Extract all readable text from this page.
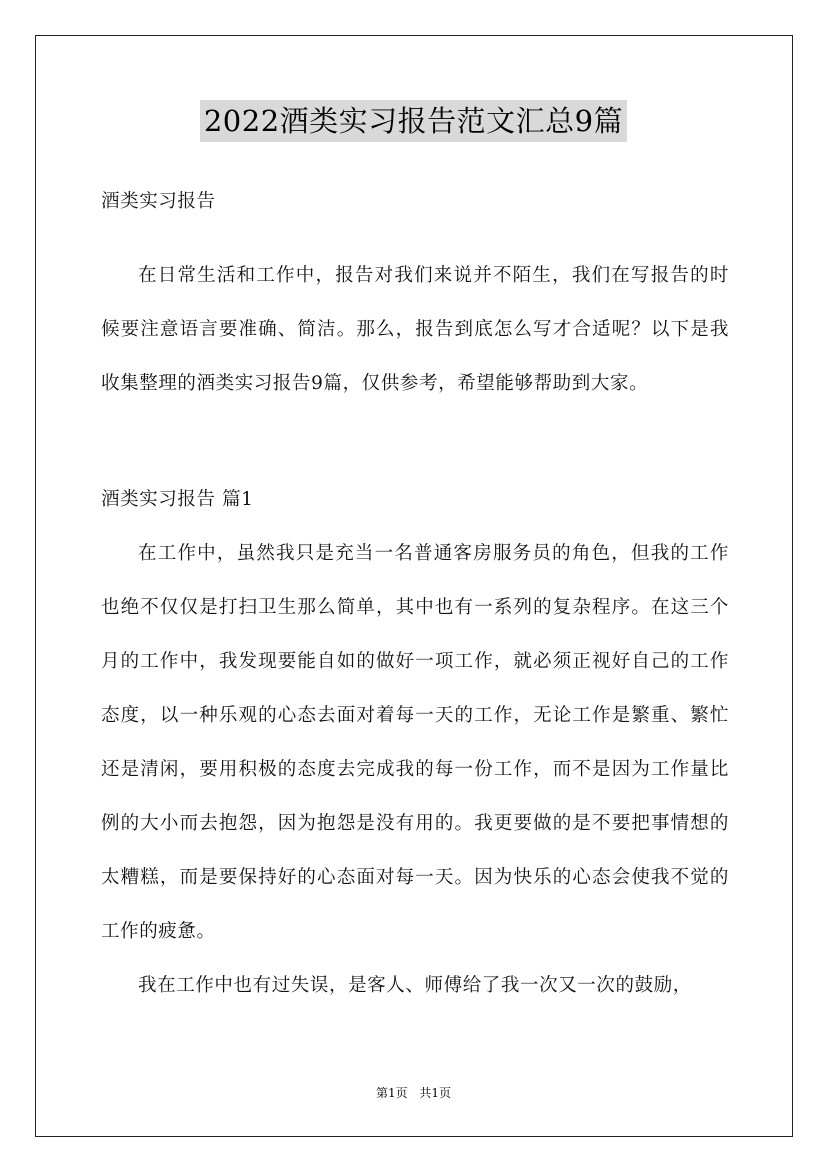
2022酒类实习报告范文汇总9篇

酒类实习报告

在日常生活和工作中，报告对我们来说并不陌生，我们在写报告的时候要注意语言要准确、简洁。那么，报告到底怎么写才合适呢？以下是我收集整理的酒类实习报告9篇，仅供参考，希望能够帮助到大家。

酒类实习报告 篇1

在工作中，虽然我只是充当一名普通客房服务员的角色，但我的工作也绝不仅仅是打扫卫生那么简单，其中也有一系列的复杂程序。在这三个月的工作中，我发现要能自如的做好一项工作，就必须正视好自己的工作态度，以一种乐观的心态去面对着每一天的工作，无论工作是繁重、繁忙还是清闲，要用积极的态度去完成我的每一份工作，而不是因为工作量比例的大小而去抱怨，因为抱怨是没有用的。我更要做的是不要把事情想的太糟糕，而是要保持好的心态面对每一天。因为快乐的心态会使我不觉的工作的疲惫。

我在工作中也有过失误，是客人、师傅给了我一次又一次的鼓励，

第1页 共1页
